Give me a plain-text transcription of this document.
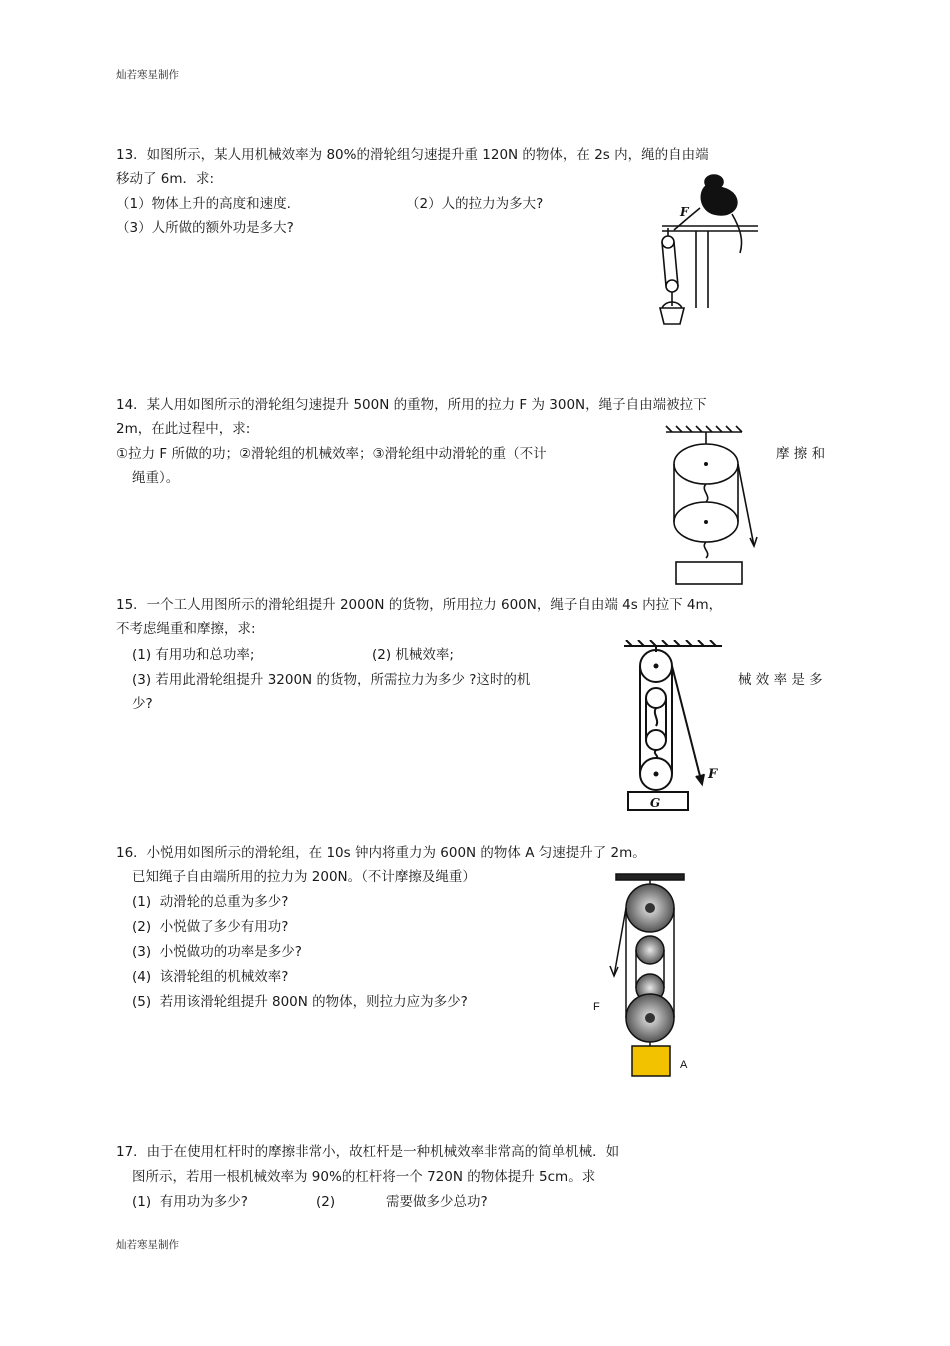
灿若寒星制作
13．如图所示，某人用机械效率为 80%的滑轮组匀速提升重 120N 的物体，在 2s 内，绳的自由端
移动了 6m．求:
（1）物体上升的高度和速度.	（2）人的拉力为多大?
（3）人所做的额外功是多大?
F
14．某人用如图所示的滑轮组匀速提升 500N 的重物，所用的拉力 F 为 300N，绳子自由端被拉下
2m，在此过程中，求:
①拉力 F 所做的功；②滑轮组的机械效率；③滑轮组中动滑轮的重（不计	摩 擦 和
绳重）。
15．一个工人用图所示的滑轮组提升 2000N 的货物，所用拉力 600N，绳子自由端 4s 内拉下 4m，
不考虑绳重和摩擦，求:
(1) 有用功和总功率;	(2) 机械效率;
(3) 若用此滑轮组提升 3200N 的货物，所需拉力为多少 ?这时的机	械 效 率 是 多
少?
F
G
16．小悦用如图所示的滑轮组，在 10s 钟内将重力为 600N 的物体 A 匀速提升了 2m。
已知绳子自由端所用的拉力为 200N。（不计摩擦及绳重）
(1)  动滑轮的总重为多少?
(2)  小悦做了多少有用功?
(3)  小悦做功的功率是多少?
(4)  该滑轮组的机械效率?
(5)  若用该滑轮组提升 800N 的物体，则拉力应为多少?	F
A
17．由于在使用杠杆时的摩擦非常小，故杠杆是一种机械效率非常高的简单机械．如
图所示，若用一根机械效率为 90%的杠杆将一个 720N 的物体提升 5cm。求
(1)  有用功为多少?	(2)	需要做多少总功?
灿若寒星制作
